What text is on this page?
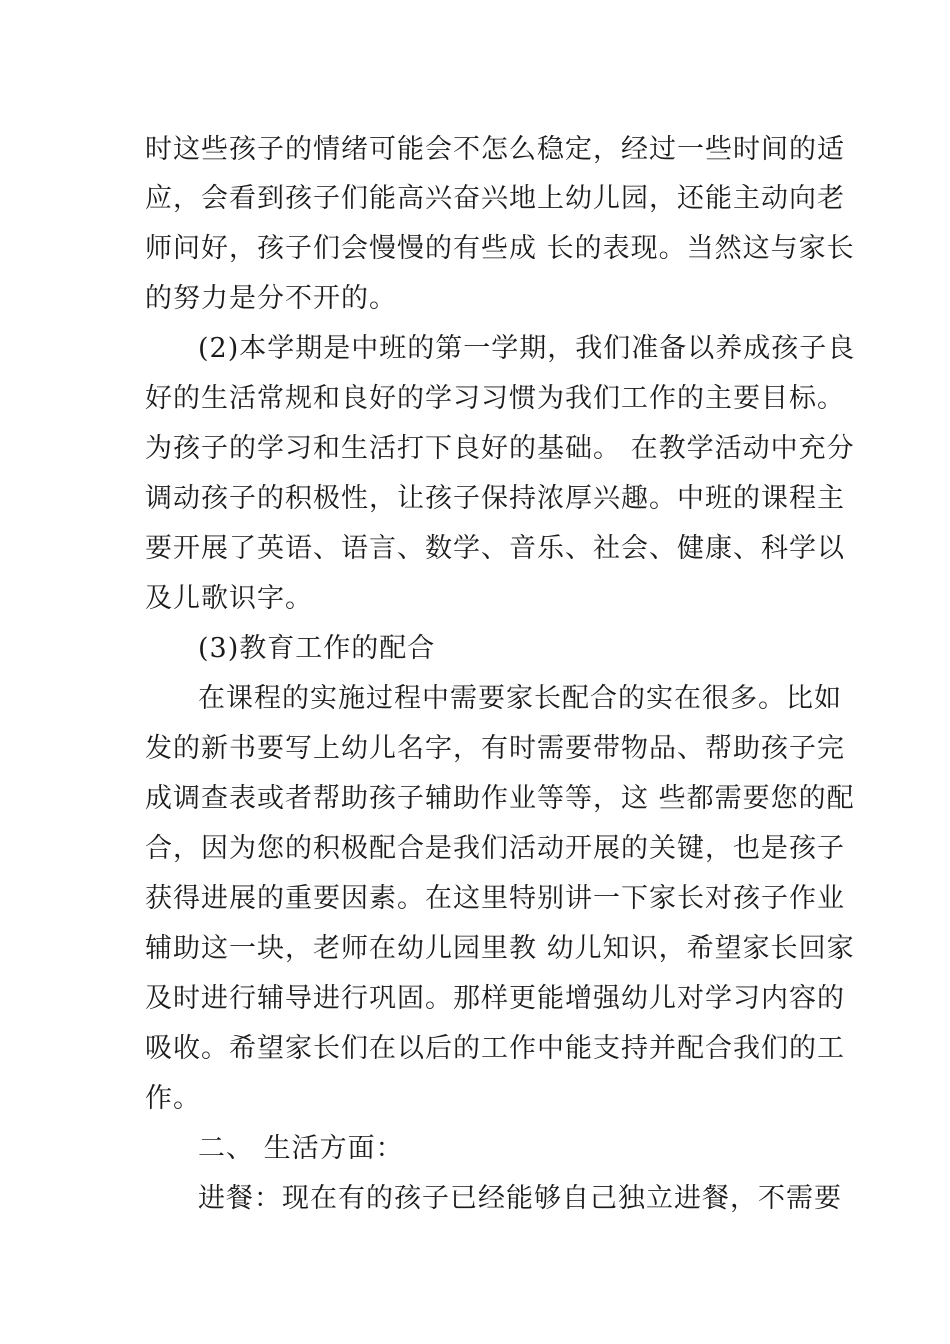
时这些孩子的情绪可能会不怎么稳定，经过一些时间的适
应，会看到孩子们能高兴奋兴地上幼儿园，还能主动向老
师问好，孩子们会慢慢的有些成 长的表现。当然这与家长
的努力是分不开的。
(2)本学期是中班的第一学期，我们准备以养成孩子良
好的生活常规和良好的学习习惯为我们工作的主要目标。
为孩子的学习和生活打下良好的基础。 在教学活动中充分
调动孩子的积极性，让孩子保持浓厚兴趣。中班的课程主
要开展了英语、语言、数学、音乐、社会、健康、科学以
及儿歌识字。
(3)教育工作的配合
在课程的实施过程中需要家长配合的实在很多。比如
发的新书要写上幼儿名字，有时需要带物品、帮助孩子完
成调查表或者帮助孩子辅助作业等等，这 些都需要您的配
合，因为您的积极配合是我们活动开展的关键，也是孩子
获得进展的重要因素。在这里特别讲一下家长对孩子作业
辅助这一块，老师在幼儿园里教 幼儿知识，希望家长回家
及时进行辅导进行巩固。那样更能增强幼儿对学习内容的
吸收。希望家长们在以后的工作中能支持并配合我们的工
作。
二、 生活方面：
进餐：现在有的孩子已经能够自己独立进餐，不需要
